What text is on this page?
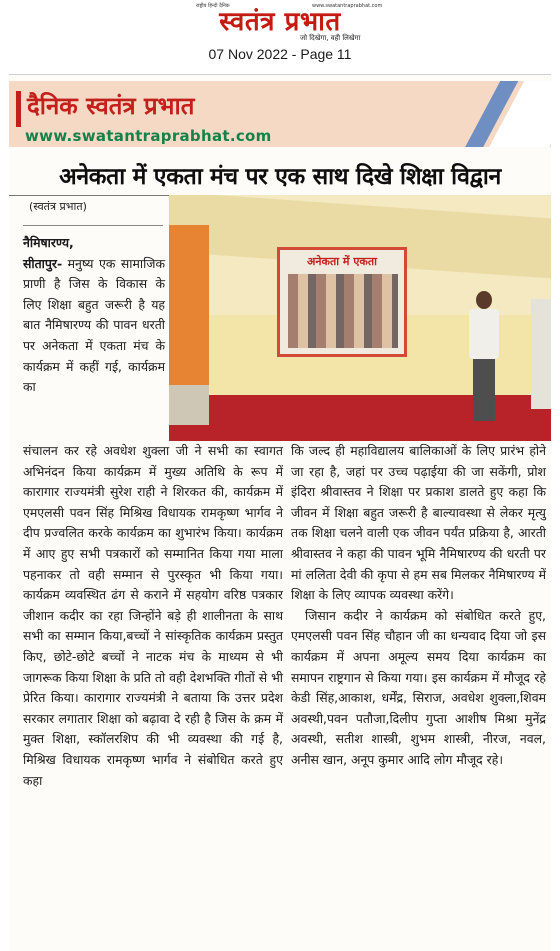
राष्ट्रीय हिन्दी दैनिक	www.swatantraprabhat.com
स्वतंत्र प्रभात
जो दिखेगा, वही लिखेगा
07 Nov 2022 - Page 11
दैनिक स्वतंत्र प्रभात
www.swatantraprabhat.com
अनेकता में एकता मंच पर एक साथ दिखे शिक्षा विद्वान
(स्वतंत्र प्रभात)
अनेकता में एकता

नैमिषारण्य,
सीतापुर- मनुष्य एक सामाजिक प्राणी है जिस के विकास के लिए शिक्षा बहुत जरूरी है यह बात नैमिषारण्य की पावन धरती पर अनेकता में एकता मंच के कार्यक्रम में कहीं गई, कार्यक्रम का

संचालन कर रहे अवधेश शुक्ला जी ने सभी का स्वागत अभिनंदन किया कार्यक्रम में मुख्य अतिथि के रूप में कारागार राज्यमंत्री सुरेश राही ने शिरकत की, कार्यक्रम में एमएलसी पवन सिंह मिश्रिख विधायक रामकृष्ण भार्गव ने दीप प्रज्वलित करके कार्यक्रम का शुभारंभ किया। कार्यक्रम में आए हुए सभी पत्रकारों को सम्मानित किया गया माला पहनाकर तो वही सम्मान से पुरस्कृत भी किया गया। कार्यक्रम व्यवस्थित ढंग से कराने में सहयोग वरिष्ठ पत्रकार जीशान कदीर का रहा जिन्होंने बड़े ही शालीनता के साथ सभी का सम्मान किया,बच्चों ने सांस्कृतिक कार्यक्रम प्रस्तुत किए, छोटे-छोटे बच्चों ने नाटक मंच के माध्यम से भी जागरूक किया शिक्षा के प्रति तो वही देशभक्ति गीतों से भी प्रेरित किया। कारागार राज्यमंत्री ने बताया कि उत्तर प्रदेश सरकार लगातार शिक्षा को बढ़ावा दे रही है जिस के क्रम में मुक्त शिक्षा, स्कॉलरशिप की भी व्यवस्था की गई है, मिश्रिख विधायक रामकृष्ण भार्गव ने संबोधित करते हुए कहा

कि जल्द ही महाविद्यालय बालिकाओं के लिए प्रारंभ होने जा रहा है, जहां पर उच्च पढ़ाईया की जा सकेंगी, प्रोश इंदिरा श्रीवास्तव ने शिक्षा पर प्रकाश डालते हुए कहा कि जीवन में शिक्षा बहुत जरूरी है बाल्यावस्था से लेकर मृत्यु तक शिक्षा चलने वाली एक जीवन पर्यंत प्रक्रिया है, आरती श्रीवास्तव ने कहा की पावन भूमि नैमिषारण्य की धरती पर मां ललिता देवी की कृपा से हम सब मिलकर नैमिषारण्य में शिक्षा के लिए व्यापक व्यवस्था करेंगे।

जिसान कदीर ने कार्यक्रम को संबोधित करते हुए, एमएलसी पवन सिंह चौहान जी का धन्यवाद दिया जो इस कार्यक्रम में अपना अमूल्य समय दिया कार्यक्रम का समापन राष्ट्रगान से किया गया। इस कार्यक्रम में मौजूद रहे केडी सिंह,आकाश, धर्मेंद्र, सिराज, अवधेश शुक्ला,शिवम अवस्थी,पवन पतौजा,दिलीप गुप्ता आशीष मिश्रा मुनेंद्र अवस्थी, सतीश शास्त्री, शुभम शास्त्री, नीरज, नवल, अनीस खान, अनूप कुमार आदि लोग मौजूद रहे।
